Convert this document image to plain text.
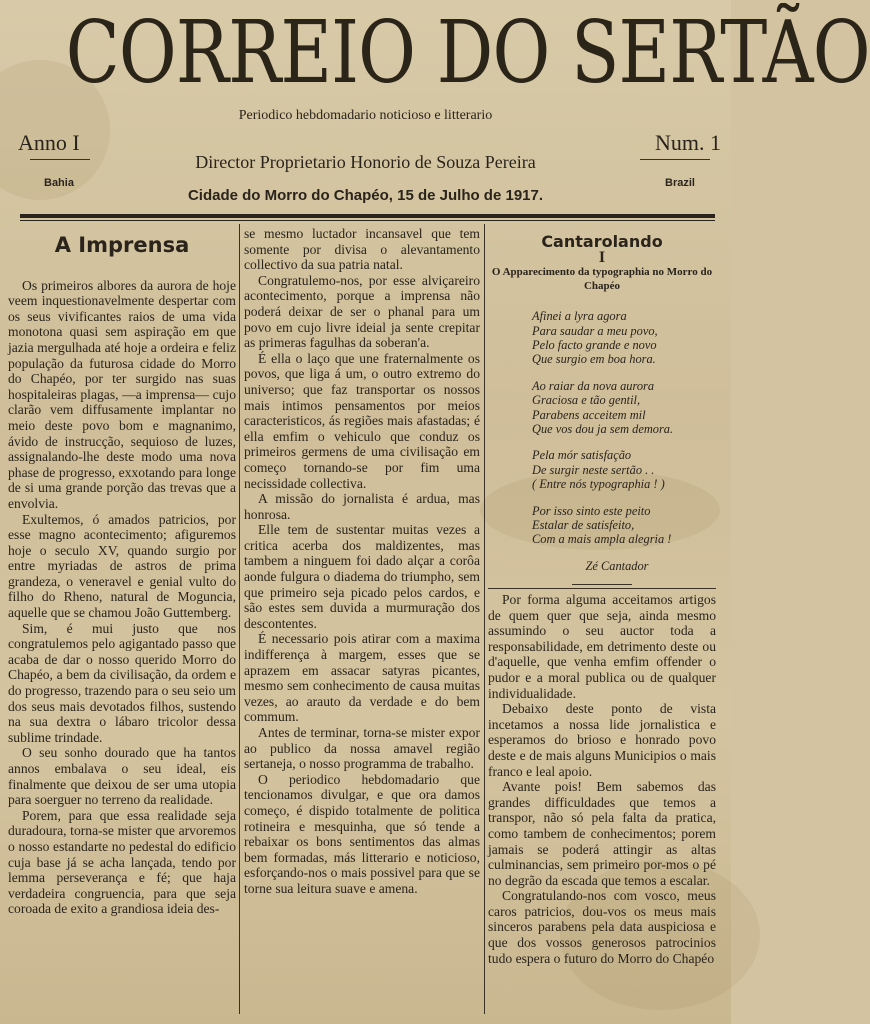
CORREIO DO SERTÃO
Periodico hebdomadario noticioso e litterario
Anno I	Num. 1
Director Proprietario Honorio de Souza Pereira
Bahia	Brazil
Cidade do Morro do Chapéo, 15 de Julho de 1917.

A Imprensa

Os primeiros albores da aurora de hoje veem inquestionavelmente despertar com os seus vivificantes raios de uma vida monotona quasi sem aspiração em que jazia mergulhada até hoje a ordeira e feliz população da futurosa cidade do Morro do Chapéo, por ter surgido nas suas hospitaleiras plagas, —a imprensa— cujo clarão vem diffusamente implantar no meio deste povo bom e magnanimo, ávido de instrucção, sequioso de luzes, assignalando-lhe deste modo uma nova phase de progresso, exxotando para longe de si uma grande porção das trevas que a envolvia.

Exultemos, ó amados patricios, por esse magno acontecimento; afiguremos hoje o seculo XV, quando surgio por entre myriadas de astros de prima grandeza, o veneravel e genial vulto do filho do Rheno, natural de Moguncia, aquelle que se chamou João Guttemberg.

Sim, é mui justo que nos congratulemos pelo agigantado passo que acaba de dar o nosso querido Morro do Chapéo, a bem da civilisação, da ordem e do progresso, trazendo para o seu seio um dos seus mais devotados filhos, sustendo na sua dextra o lábaro tricolor dessa sublime trindade.

O seu sonho dourado que ha tantos annos embalava o seu ideal, eis finalmente que deixou de ser uma utopia para soerguer no terreno da realidade.

Porem, para que essa realidade seja duradoura, torna-se mister que arvoremos o nosso estandarte no pedestal do edificio cuja base já se acha lançada, tendo por lemma perseverança e fé; que haja verdadeira congruencia, para que seja coroada de exito a grandiosa ideia des-

se mesmo luctador incansavel que tem somente por divisa o alevantamento collectivo da sua patria natal.

Congratulemo-nos, por esse alviçareiro acontecimento, porque a imprensa não poderá deixar de ser o phanal para um povo em cujo livre ideial ja sente crepitar as primeras fagulhas da soberan'a.

É ella o laço que une fraternalmente os povos, que liga á um, o outro extremo do universo; que faz transportar os nossos mais intimos pensamentos por meios caracteristicos, ás regiões mais afastadas; é ella emfim o vehiculo que conduz os primeiros germens de uma civilisação em começo tornando-se por fim uma necissidade collectiva.

A missão do jornalista é ardua, mas honrosa.

Elle tem de sustentar muitas vezes a critica acerba dos maldizentes, mas tambem a ninguem foi dado alçar a corôa aonde fulgura o diadema do triumpho, sem que primeiro seja picado pelos cardos, e são estes sem duvida a murmuração dos descontentes.

É necessario pois atirar com a maxima indifferença à margem, esses que se aprazem em assacar satyras picantes, mesmo sem conhecimento de causa muitas vezes, ao arauto da verdade e do bem commum.

Antes de terminar, torna-se mister expor ao publico da nossa amavel região sertaneja, o nosso programma de trabalho.

O periodico hebdomadario que tencionamos divulgar, e que ora damos começo, é dispido totalmente de politica rotineira e mesquinha, que só tende a rebaixar os bons sentimentos das almas bem formadas, más litterario e noticioso, esforçando-nos o mais possivel para que se torne sua leitura suave e amena.

Cantarolando

I
O Apparecimento da typographia no Morro do Chapéo
Afinei a lyra agora
Para saudar a meu povo,
Pelo facto grande e novo
Que surgio em boa hora.
Ao raiar da nova aurora
Graciosa e tão gentil,
Parabens acceitem mil
Que vos dou ja sem demora.
Pela mór satisfação
De surgir neste sertão . .
( Entre nós typographia ! )
Por isso sinto este peito
Estalar de satisfeito,
Com a mais ampla alegria !
Zé Cantador

Por forma alguma acceitamos artigos de quem quer que seja, ainda mesmo assumindo o seu auctor toda a responsabilidade, em detrimento deste ou d'aquelle, que venha emfim offender o pudor e a moral publica ou de qualquer individualidade.

Debaixo deste ponto de vista incetamos a nossa lide jornalistica e esperamos do brioso e honrado povo deste e de mais alguns Municipios o mais franco e leal apoio.

Avante pois! Bem sabemos das grandes difficuldades que temos a transpor, não só pela falta da pratica, como tambem de conhecimentos; porem jamais se poderá attingir as altas culminancias, sem primeiro por-mos o pé no degrão da escada que temos a escalar.

Congratulando-nos com vosco, meus caros patricios, dou-vos os meus mais sinceros parabens pela data auspiciosa e que dos vossos generosos patrocinios tudo espera o futuro do Morro do Chapéo
